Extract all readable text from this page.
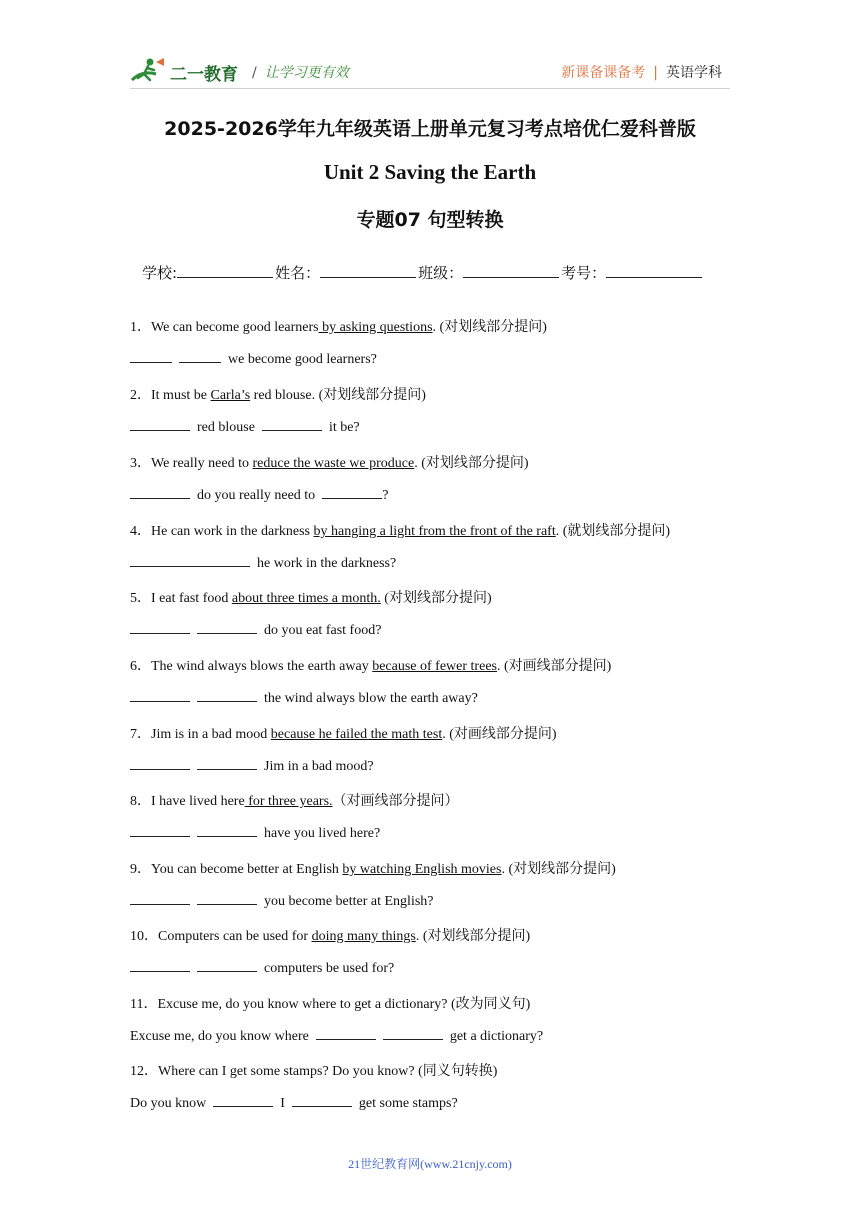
二一教育 / 让学习更有效	新课备课备考 | 英语学科
2025-2026学年九年级英语上册单元复习考点培优仁爱科普版
Unit 2 Saving the Earth
专题07 句型转换
学校:	姓名：	班级：	考号：
1．We can become good learners by asking questions. (对划线部分提问)
we become good learners?
2．It must be Carla’s red blouse. (对划线部分提问)
red blouse	it be?
3．We really need to reduce the waste we produce. (对划线部分提问)
do you really need to	?
4．He can work in the darkness by hanging a light from the front of the raft. (就划线部分提问)
he work in the darkness?
5．I eat fast food about three times a month. (对划线部分提问)
do you eat fast food?
6．The wind always blows the earth away because of fewer trees. (对画线部分提问)
the wind always blow the earth away?
7．Jim is in a bad mood because he failed the math test. (对画线部分提问)
Jim in a bad mood?
8．I have lived here for three years.（对画线部分提问）
have you lived here?
9．You can become better at English by watching English movies. (对划线部分提问)
you become better at English?
10．Computers can be used for doing many things. (对划线部分提问)
computers be used for?
11．Excuse me, do you know where to get a dictionary? (改为同义句)
Excuse me, do you know where	get a dictionary?
12．Where can I get some stamps? Do you know? (同义句转换)
Do you know	I	get some stamps?
21世纪教育网(www.21cnjy.com)
